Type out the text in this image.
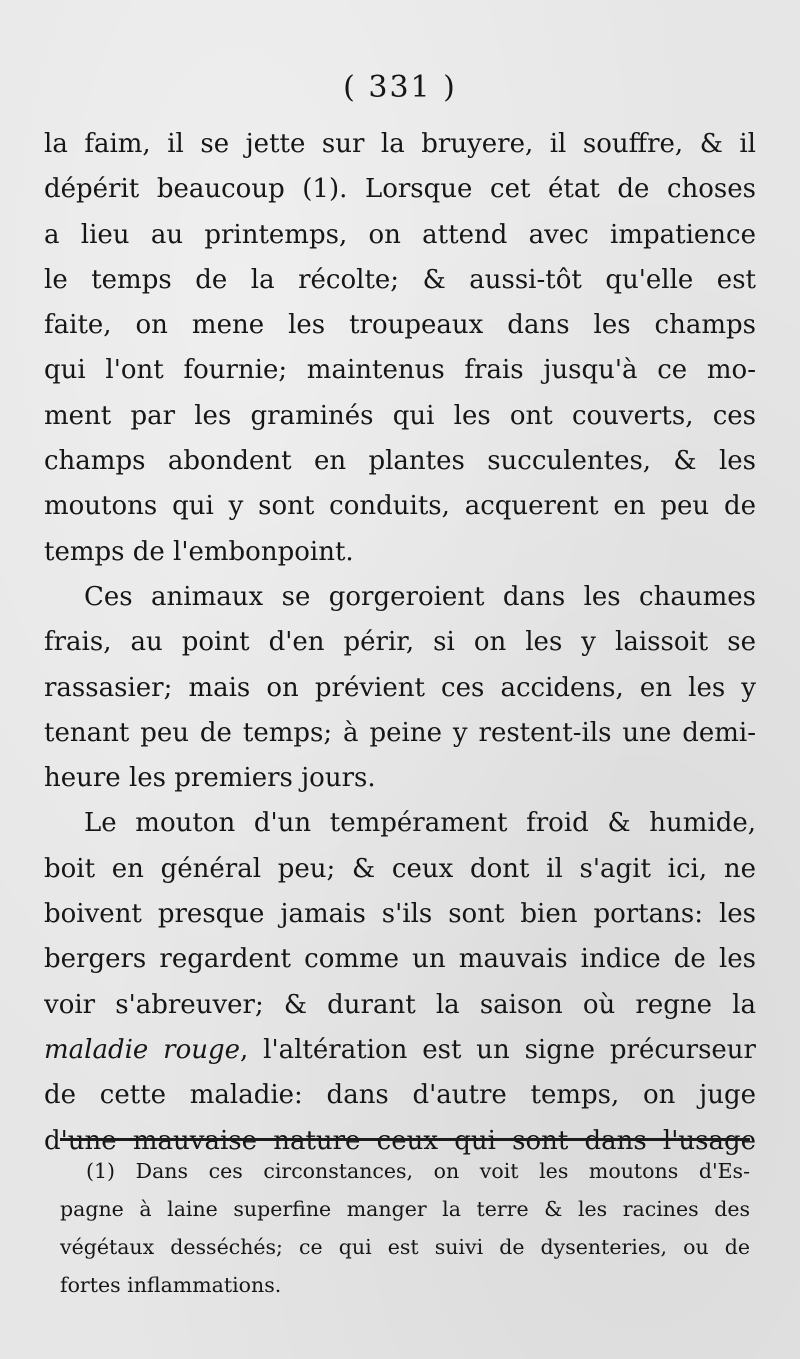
( 331 )
la faim, il se jette sur la bruyere, il souffre, & il
dépérit beaucoup (1). Lorsque cet état de choses
a lieu au printemps, on attend avec impatience
le temps de la récolte; & aussi-tôt qu'elle est
faite, on mene les troupeaux dans les champs
qui l'ont fournie; maintenus frais jusqu'à ce mo-
ment par les graminés qui les ont couverts, ces
champs abondent en plantes succulentes, & les
moutons qui y sont conduits, acquerent en peu de
temps de l'embonpoint.
Ces animaux se gorgeroient dans les chaumes
frais, au point d'en périr, si on les y laissoit se
rassasier; mais on prévient ces accidens, en les y
tenant peu de temps; à peine y restent-ils une demi-
heure les premiers jours.
Le mouton d'un tempérament froid & humide,
boit en général peu; & ceux dont il s'agit ici, ne
boivent presque jamais s'ils sont bien portans: les
bergers regardent comme un mauvais indice de les
voir s'abreuver; & durant la saison où regne la
maladie rouge, l'altération est un signe précurseur
de cette maladie: dans d'autre temps, on juge
d'une mauvaise nature ceux qui sont dans l'usage
(1) Dans ces circonstances, on voit les moutons d'Es-
pagne à laine superfine manger la terre & les racines des
végétaux desséchés; ce qui est suivi de dysenteries, ou de
fortes inflammations.
